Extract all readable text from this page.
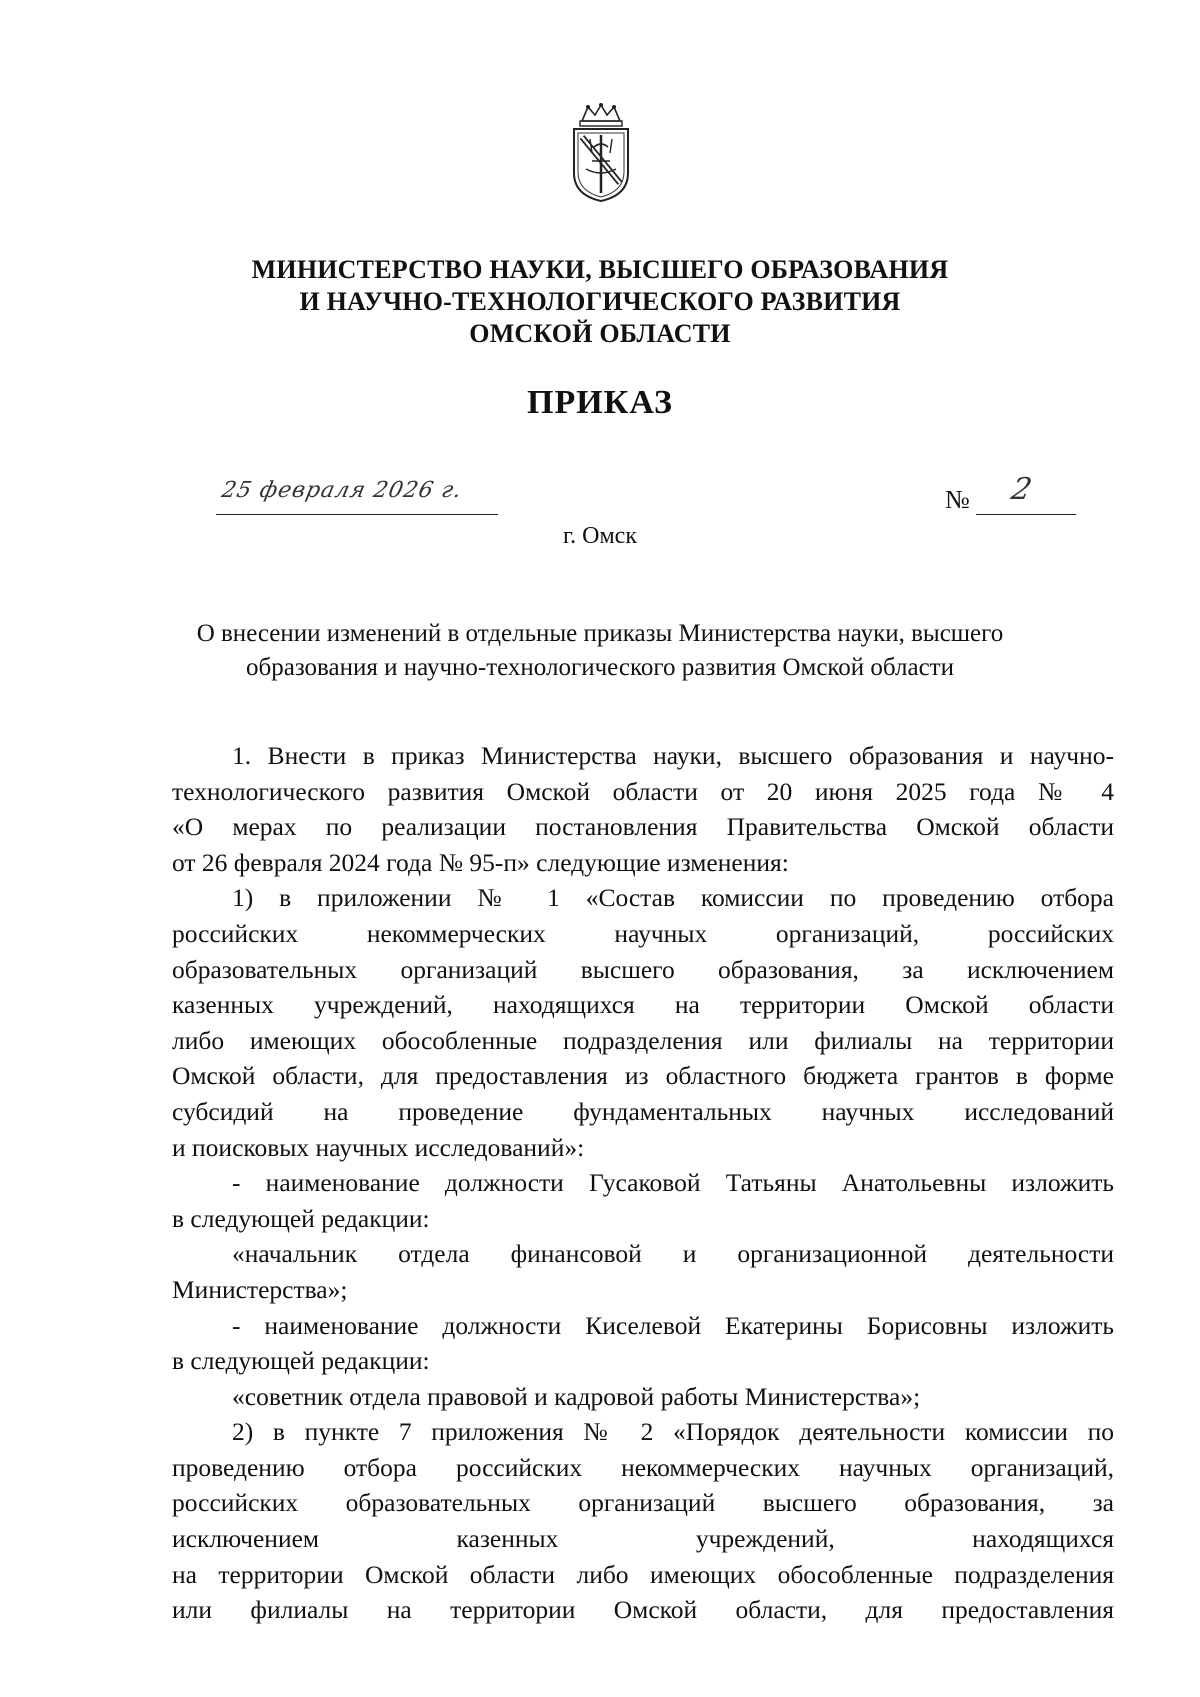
МИНИСТЕРСТВО НАУКИ, ВЫСШЕГО ОБРАЗОВАНИЯ
И НАУЧНО-ТЕХНОЛОГИЧЕСКОГО РАЗВИТИЯ
ОМСКОЙ ОБЛАСТИ
ПРИКАЗ
25 февраля 2026 г.	№ 2
г. Омск
О внесении изменений в отдельные приказы Министерства науки, высшего
образования и научно-технологического развития Омской области
1. Внести в приказ Министерства науки, высшего образования и научно-
технологического развития Омской области от 20 июня 2025 года № 4
«О мерах по реализации постановления Правительства Омской области
от 26 февраля 2024 года № 95-п» следующие изменения:
1) в приложении № 1 «Состав комиссии по проведению отбора
российских некоммерческих научных организаций, российских
образовательных организаций высшего образования, за исключением
казенных учреждений, находящихся на территории Омской области
либо имеющих обособленные подразделения или филиалы на территории
Омской области, для предоставления из областного бюджета грантов в форме
субсидий на проведение фундаментальных научных исследований
и поисковых научных исследований»:
- наименование должности Гусаковой Татьяны Анатольевны изложить
в следующей редакции:
«начальник отдела финансовой и организационной деятельности
Министерства»;
- наименование должности Киселевой Екатерины Борисовны изложить
в следующей редакции:
«советник отдела правовой и кадровой работы Министерства»;
2) в пункте 7 приложения № 2 «Порядок деятельности комиссии по
проведению отбора российских некоммерческих научных организаций,
российских образовательных организаций высшего образования, за
исключением казенных учреждений, находящихся
на территории Омской области либо имеющих обособленные подразделения
или филиалы на территории Омской области, для предоставления
